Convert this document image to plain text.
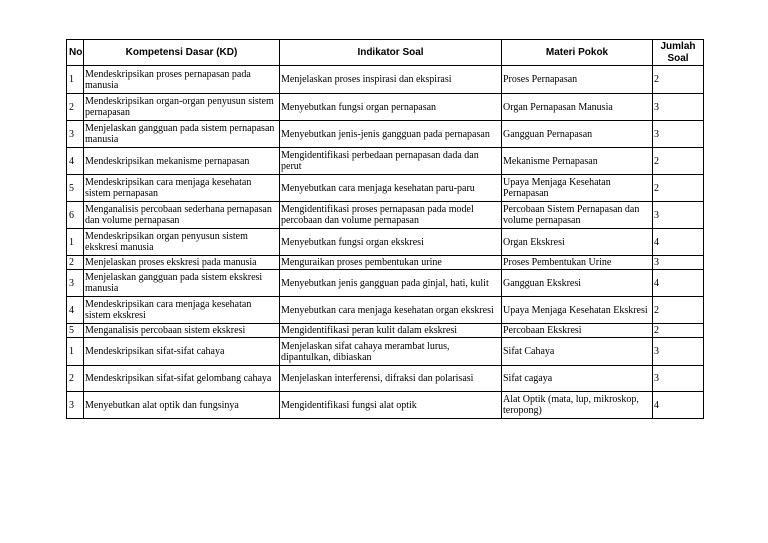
No	Kompetensi Dasar (KD)	Indikator Soal	Materi Pokok	Jumlah Soal
1	Mendeskripsikan proses pernapasan pada manusia	Menjelaskan proses inspirasi dan ekspirasi	Proses Pernapasan	2
2	Mendeskripsikan organ-organ penyusun sistem pernapasan	Menyebutkan fungsi organ pernapasan	Organ Pernapasan Manusia	3
3	Menjelaskan gangguan pada sistem pernapasan manusia	Menyebutkan jenis-jenis gangguan pada pernapasan	Gangguan Pernapasan	3
4	Mendeskripsikan mekanisme pernapasan	Mengidentifikasi perbedaan pernapasan dada dan perut	Mekanisme Pernapasan	2
5	Mendeskripsikan cara menjaga kesehatan sistem pernapasan	Menyebutkan cara menjaga kesehatan paru-paru	Upaya Menjaga Kesehatan Pernapasan	2
6	Menganalisis percobaan sederhana pernapasan dan volume pernapasan	Mengidentifikasi proses pernapasan pada model percobaan dan volume pernapasan	Percobaan Sistem Pernapasan dan volume pernapasan	3
1	Mendeskripsikan organ penyusun sistem ekskresi manusia	Menyebutkan fungsi organ ekskresi	Organ Ekskresi	4
2	Menjelaskan proses ekskresi pada manusia	Menguraikan proses pembentukan urine	Proses Pembentukan Urine	3
3	Menjelaskan gangguan pada sistem ekskresi manusia	Menyebutkan jenis gangguan pada ginjal, hati, kulit	Gangguan Ekskresi	4
4	Mendeskripsikan cara menjaga kesehatan sistem ekskresi	Menyebutkan cara menjaga kesehatan organ ekskresi	Upaya Menjaga Kesehatan Ekskresi	2
5	Menganalisis percobaan sistem ekskresi	Mengidentifikasi peran kulit dalam ekskresi	Percobaan Ekskresi	2
1	Mendeskripsikan sifat-sifat cahaya	Menjelaskan sifat cahaya merambat lurus, dipantulkan, dibiaskan	Sifat Cahaya	3
2	Mendeskripsikan sifat-sifat gelombang cahaya	Menjelaskan interferensi, difraksi dan polarisasi	Sifat cagaya	3
3	Menyebutkan alat optik dan fungsinya	Mengidentifikasi fungsi alat optik	Alat Optik (mata, lup, mikroskop, teropong)	4
